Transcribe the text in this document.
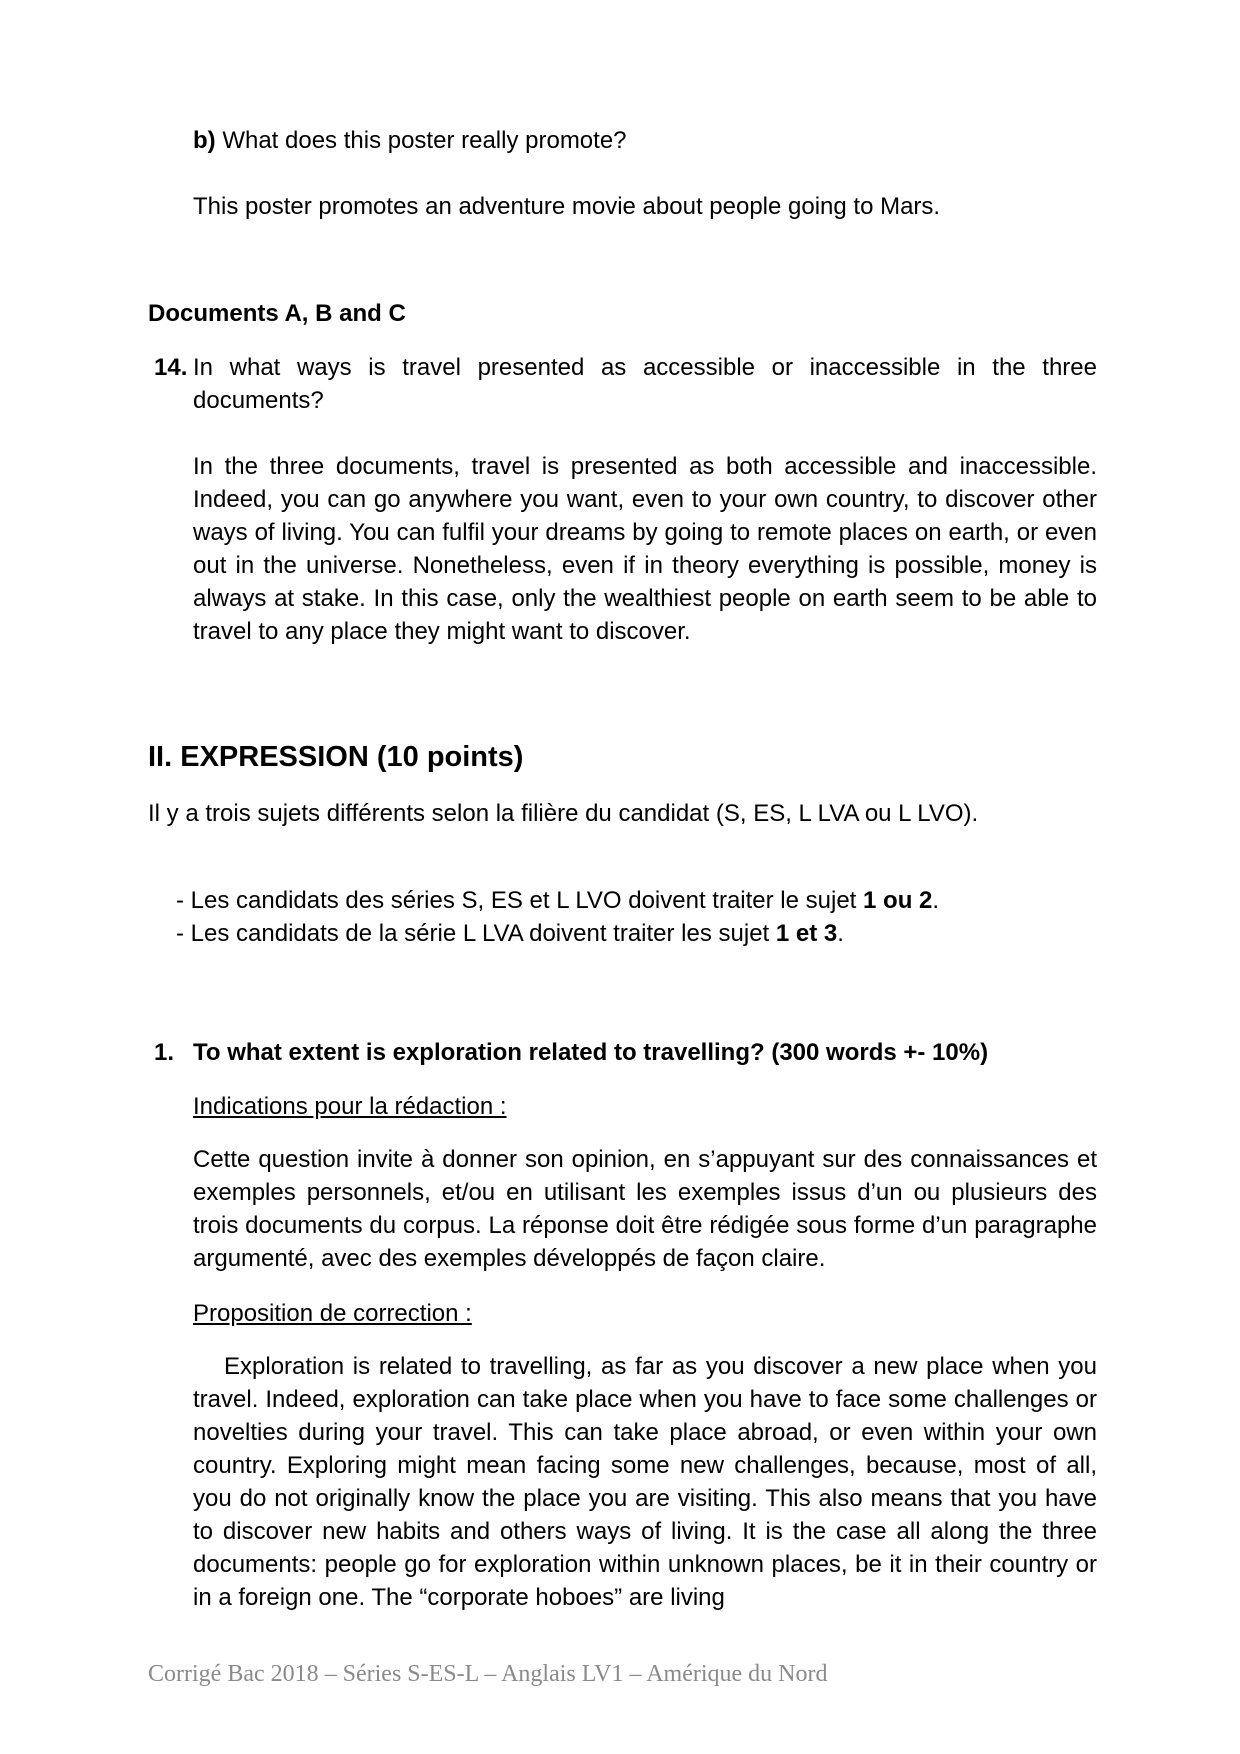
b) What does this poster really promote?

This poster promotes an adventure movie about people going to Mars.

Documents A, B and C

14. In what ways is travel presented as accessible or inaccessible in the three documents?

In the three documents, travel is presented as both accessible and inaccessible. Indeed, you can go anywhere you want, even to your own country, to discover other ways of living. You can fulfil your dreams by going to remote places on earth, or even out in the universe. Nonetheless, even if in theory everything is possible, money is always at stake. In this case, only the wealthiest people on earth seem to be able to travel to any place they might want to discover.

II. EXPRESSION (10 points)

Il y a trois sujets différents selon la filière du candidat (S, ES, L LVA ou L LVO).

- Les candidats des séries S, ES et L LVO doivent traiter le sujet 1 ou 2.
- Les candidats de la série L LVA doivent traiter les sujet 1 et 3.
1. To what extent is exploration related to travelling? (300 words +- 10%)

Indications pour la rédaction :

Cette question invite à donner son opinion, en s’appuyant sur des connaissances et exemples personnels, et/ou en utilisant les exemples issus d’un ou plusieurs des trois documents du corpus. La réponse doit être rédigée sous forme d’un paragraphe argumenté, avec des exemples développés de façon claire.

Proposition de correction :

Exploration is related to travelling, as far as you discover a new place when you travel. Indeed, exploration can take place when you have to face some challenges or novelties during your travel. This can take place abroad, or even within your own country. Exploring might mean facing some new challenges, because, most of all, you do not originally know the place you are visiting. This also means that you have to discover new habits and others ways of living. It is the case all along the three documents: people go for exploration within unknown places, be it in their country or in a foreign one. The “corporate hoboes” are living

Corrigé Bac 2018 – Séries S-ES-L – Anglais LV1 – Amérique du Nord
